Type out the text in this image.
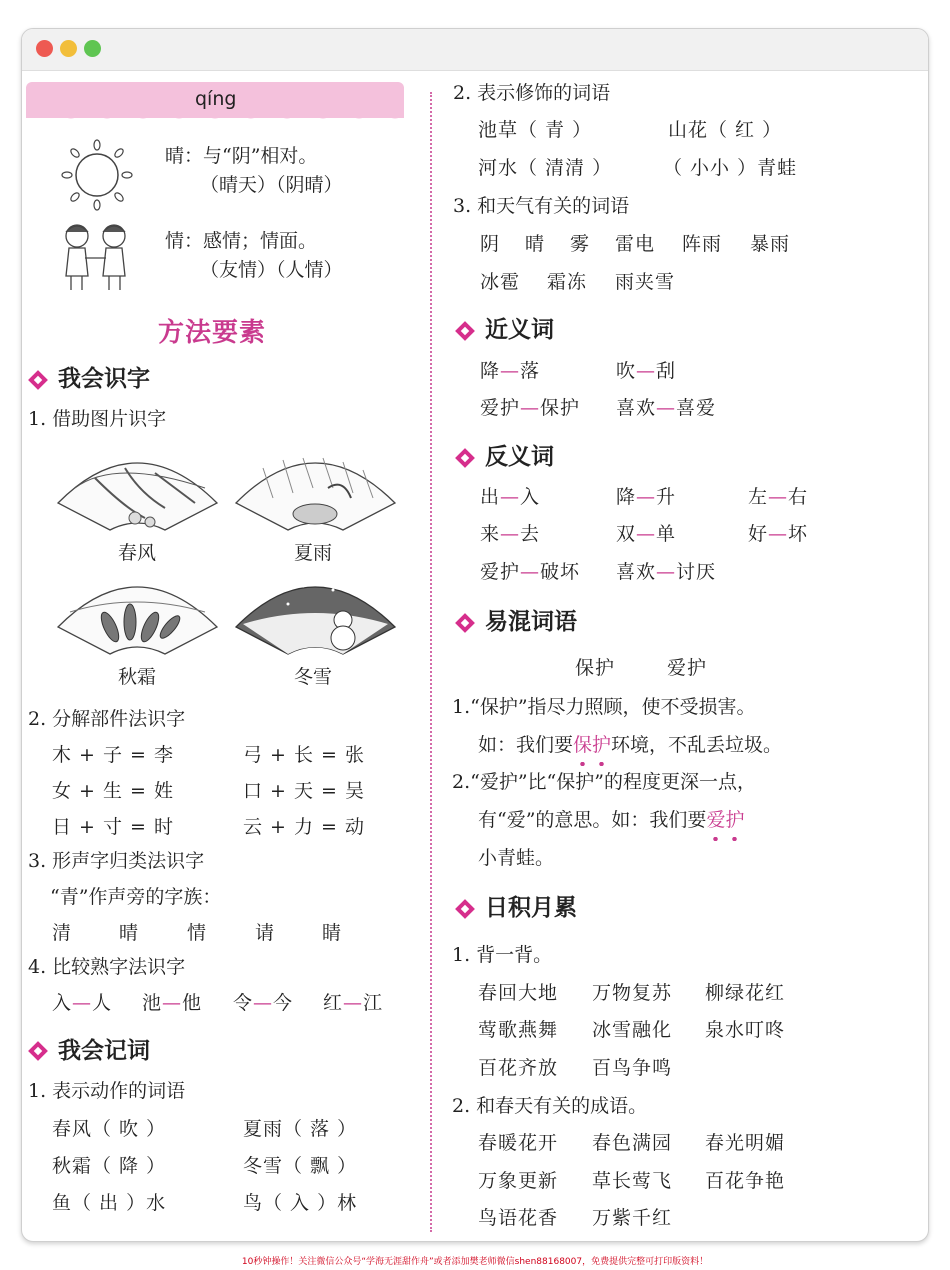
qíng
晴：与“阴”相对。
（晴天）（阴晴）
情：感情；情面。
（友情）（人情）
方法要素
我会识字
1. 借助图片识字
春风	夏雨
秋霜	冬雪
2. 分解部件法识字
木 + 子 = 李	弓 + 长 = 张
女 + 生 = 姓	口 + 天 = 吴
日 + 寸 = 时	云 + 力 = 动
3. 形声字归类法识字
“青”作声旁的字族：
清 晴	情	请 睛
4. 比较熟字法识字
入—人 池—他 令—今 红—江
我会记词
1. 表示动作的词语
春风（ 吹 ）	夏雨（ 落 ）
秋霜（ 降 ）	冬雪（ 飘 ）
鱼（ 出 ）水	鸟（ 入 ）林
2. 表示修饰的词语
池草（ 青 ）	山花（ 红 ）
河水（ 清清 ）	（ 小小 ）青蛙
3. 和天气有关的词语
阴 晴 雾 雷电 阵雨 暴雨
冰雹 霜冻 雨夹雪
近义词
降—落	吹—刮
爱护—保护 喜欢—喜爱
反义词
出—入	降—升	左—右
来—去	双—单	好—坏
爱护—破坏 喜欢—讨厌
易混词语
保护	爱护
1.“保护”指尽力照顾，使不受损害。
如：我们要保护环境，不乱丢垃圾。
2.“爱护”比“保护”的程度更深一点，
有“爱”的意思。如：我们要爱护
小青蛙。
日积月累
1. 背一背。
春回大地 万物复苏 柳绿花红
莺歌燕舞 冰雪融化 泉水叮咚
百花齐放 百鸟争鸣
2. 和春天有关的成语。
春暖花开 春色满园 春光明媚
万象更新 草长莺飞 百花争艳
鸟语花香 万紫千红
10秒钟操作！关注微信公众号“学海无涯甜作舟”或者添加樊老师微信shen88168007，免费提供完整可打印版资料！
